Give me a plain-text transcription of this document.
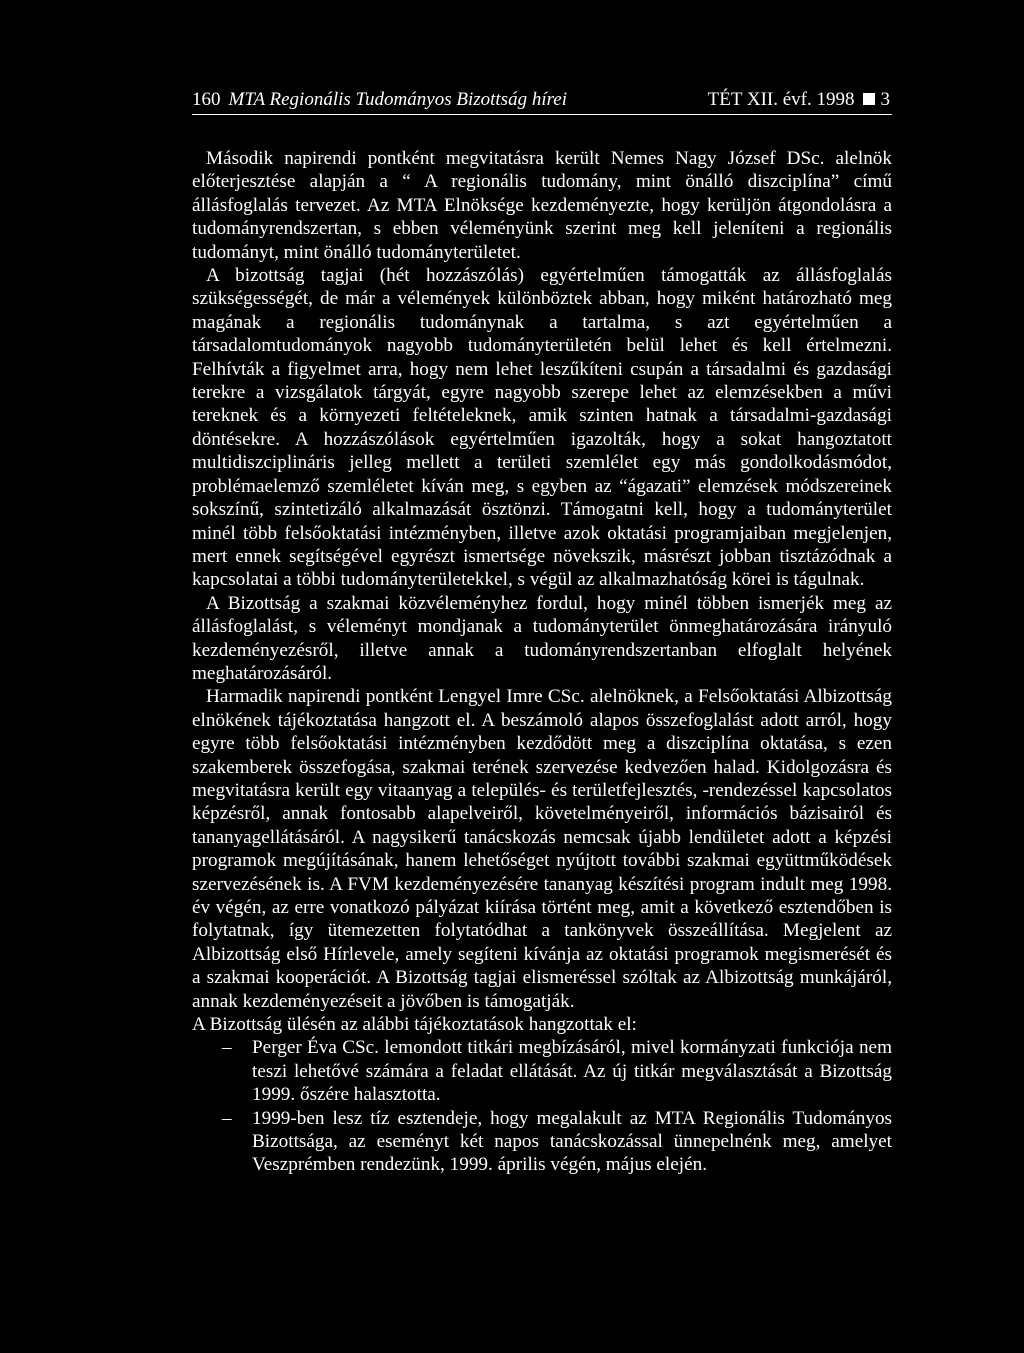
160 MTA Regionális Tudományos Bizottság hírei	TÉT XII. évf. 1998 3

Második napirendi pontként megvitatásra került Nemes Nagy József DSc. alelnök előterjesztése alapján a “ A regionális tudomány, mint önálló diszciplína” című állásfoglalás tervezet. Az MTA Elnöksége kezdeményezte, hogy kerüljön átgondolásra a tudományrendszertan, s ebben véleményünk szerint meg kell jeleníteni a regionális tudományt, mint önálló tudományterületet.

A bizottság tagjai (hét hozzászólás) egyértelműen támogatták az állásfoglalás szükségességét, de már a vélemények különböztek abban, hogy miként határozható meg magának a regionális tudománynak a tartalma, s azt egyértelműen a társadalomtudományok nagyobb tudományterületén belül lehet és kell értelmezni. Felhívták a figyelmet arra, hogy nem lehet leszűkíteni csupán a társadalmi és gazdasági terekre a vizsgálatok tárgyát, egyre nagyobb szerepe lehet az elemzésekben a művi tereknek és a környezeti feltételeknek, amik szinten hatnak a társadalmi-gazdasági döntésekre. A hozzászólások egyértelműen igazolták, hogy a sokat hangoztatott multidiszciplináris jelleg mellett a területi szemlélet egy más gondolkodásmódot, problémaelemző szemléletet kíván meg, s egyben az “ágazati” elemzések módszereinek sokszínű, szintetizáló alkalmazását ösztönzi. Támogatni kell, hogy a tudományterület minél több felsőoktatási intézményben, illetve azok oktatási programjaiban megjelenjen, mert ennek segítségével egyrészt ismertsége növekszik, másrészt jobban tisztázódnak a kapcsolatai a többi tudományterületekkel, s végül az alkalmazhatóság körei is tágulnak.

A Bizottság a szakmai közvéleményhez fordul, hogy minél többen ismerjék meg az állásfoglalást, s véleményt mondjanak a tudományterület önmeghatározására irányuló kezdeményezésről, illetve annak a tudományrendszertanban elfoglalt helyének meghatározásáról.

Harmadik napirendi pontként Lengyel Imre CSc. alelnöknek, a Felsőoktatási Albizottság elnökének tájékoztatása hangzott el. A beszámoló alapos összefoglalást adott arról, hogy egyre több felsőoktatási intézményben kezdődött meg a diszciplína oktatása, s ezen szakemberek összefogása, szakmai terének szervezése kedvezően halad. Kidolgozásra és megvitatásra került egy vitaanyag a település- és területfejlesztés, -rendezéssel kapcsolatos képzésről, annak fontosabb alapelveiről, követelményeiről, információs bázisairól és tananyagellátásáról. A nagysikerű tanácskozás nemcsak újabb lendületet adott a képzési programok megújításának, hanem lehetőséget nyújtott további szakmai együttműködések szervezésének is. A FVM kezdeményezésére tananyag készítési program indult meg 1998. év végén, az erre vonatkozó pályázat kiírása történt meg, amit a következő esztendőben is folytatnak, így ütemezetten folytatódhat a tankönyvek összeállítása. Megjelent az Albizottság első Hírlevele, amely segíteni kívánja az oktatási programok megismerését és a szakmai kooperációt. A Bizottság tagjai elismeréssel szóltak az Albizottság munkájáról, annak kezdeményezéseit a jövőben is támogatják.

A Bizottság ülésén az alábbi tájékoztatások hangzottak el:

– Perger Éva CSc. lemondott titkári megbízásáról, mivel kormányzati funkciója nem teszi lehetővé számára a feladat ellátását. Az új titkár megválasztását a Bizottság 1999. őszére halasztotta.
– 1999-ben lesz tíz esztendeje, hogy megalakult az MTA Regionális Tudományos Bizottsága, az eseményt két napos tanácskozással ünnepelnénk meg, amelyet Veszprémben rendezünk, 1999. április végén, május elején.
